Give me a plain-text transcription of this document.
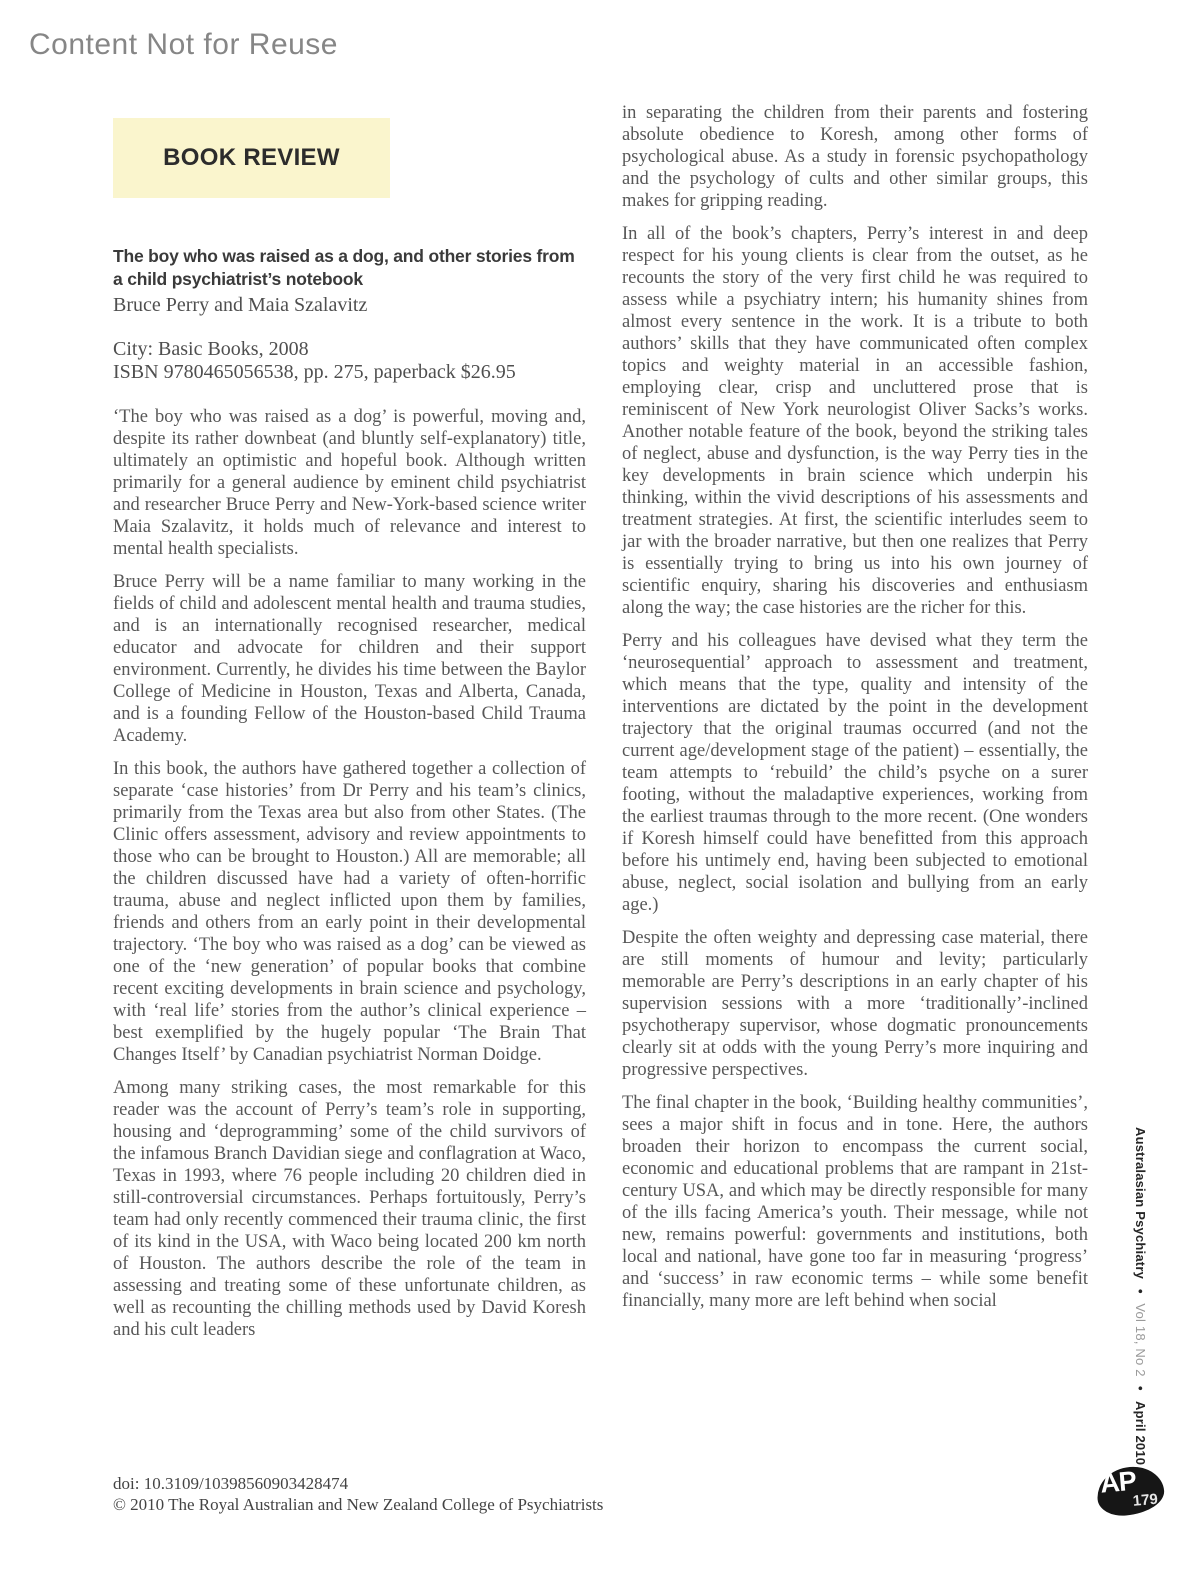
Content Not for Reuse
BOOK REVIEW
The boy who was raised as a dog, and other stories from a child psychiatrist’s notebook
Bruce Perry and Maia Szalavitz
City: Basic Books, 2008
ISBN 9780465056538, pp. 275, paperback $26.95

‘The boy who was raised as a dog’ is powerful, moving and, despite its rather downbeat (and bluntly self-explanatory) title, ultimately an optimistic and hopeful book. Although written primarily for a general audience by eminent child psychiatrist and researcher Bruce Perry and New-York-based science writer Maia Szalavitz, it holds much of relevance and interest to mental health specialists.

Bruce Perry will be a name familiar to many working in the fields of child and adolescent mental health and trauma studies, and is an internationally recognised researcher, medical educator and advocate for children and their support environment. Currently, he divides his time between the Baylor College of Medicine in Houston, Texas and Alberta, Canada, and is a founding Fellow of the Houston-based Child Trauma Academy.

In this book, the authors have gathered together a collection of separate ‘case histories’ from Dr Perry and his team’s clinics, primarily from the Texas area but also from other States. (The Clinic offers assessment, advisory and review appointments to those who can be brought to Houston.) All are memorable; all the children discussed have had a variety of often-horrific trauma, abuse and neglect inflicted upon them by families, friends and others from an early point in their developmental trajectory. ‘The boy who was raised as a dog’ can be viewed as one of the ‘new generation’ of popular books that combine recent exciting developments in brain science and psychology, with ‘real life’ stories from the author’s clinical experience – best exemplified by the hugely popular ‘The Brain That Changes Itself’ by Canadian psychiatrist Norman Doidge.

Among many striking cases, the most remarkable for this reader was the account of Perry’s team’s role in supporting, housing and ‘deprogramming’ some of the child survivors of the infamous Branch Davidian siege and conflagration at Waco, Texas in 1993, where 76 people including 20 children died in still-controversial circumstances. Perhaps fortuitously, Perry’s team had only recently commenced their trauma clinic, the first of its kind in the USA, with Waco being located 200 km north of Houston. The authors describe the role of the team in assessing and treating some of these unfortunate children, as well as recounting the chilling methods used by David Koresh and his cult leaders

in separating the children from their parents and fostering absolute obedience to Koresh, among other forms of psychological abuse. As a study in forensic psychopathology and the psychology of cults and other similar groups, this makes for gripping reading.

In all of the book’s chapters, Perry’s interest in and deep respect for his young clients is clear from the outset, as he recounts the story of the very first child he was required to assess while a psychiatry intern; his humanity shines from almost every sentence in the work. It is a tribute to both authors’ skills that they have communicated often complex topics and weighty material in an accessible fashion, employing clear, crisp and uncluttered prose that is reminiscent of New York neurologist Oliver Sacks’s works. Another notable feature of the book, beyond the striking tales of neglect, abuse and dysfunction, is the way Perry ties in the key developments in brain science which underpin his thinking, within the vivid descriptions of his assessments and treatment strategies. At first, the scientific interludes seem to jar with the broader narrative, but then one realizes that Perry is essentially trying to bring us into his own journey of scientific enquiry, sharing his discoveries and enthusiasm along the way; the case histories are the richer for this.

Perry and his colleagues have devised what they term the ‘neurosequential’ approach to assessment and treatment, which means that the type, quality and intensity of the interventions are dictated by the point in the development trajectory that the original traumas occurred (and not the current age/development stage of the patient) – essentially, the team attempts to ‘rebuild’ the child’s psyche on a surer footing, without the maladaptive experiences, working from the earliest traumas through to the more recent. (One wonders if Koresh himself could have benefitted from this approach before his untimely end, having been subjected to emotional abuse, neglect, social isolation and bullying from an early age.)

Despite the often weighty and depressing case material, there are still moments of humour and levity; particularly memorable are Perry’s descriptions in an early chapter of his supervision sessions with a more ‘traditionally’-inclined psychotherapy supervisor, whose dogmatic pronouncements clearly sit at odds with the young Perry’s more inquiring and progressive perspectives.

The final chapter in the book, ‘Building healthy communities’, sees a major shift in focus and in tone. Here, the authors broaden their horizon to encompass the current social, economic and educational problems that are rampant in 21st-century USA, and which may be directly responsible for many of the ills facing America’s youth. Their message, while not new, remains powerful: governments and institutions, both local and national, have gone too far in measuring ‘progress’ and ‘success’ in raw economic terms – while some benefit financially, many more are left behind when social

Australasian Psychiatry • Vol 18, No 2 • April 2010
doi: 10.3109/10398560903428474
© 2010 The Royal Australian and New Zealand College of Psychiatrists
AP
179
